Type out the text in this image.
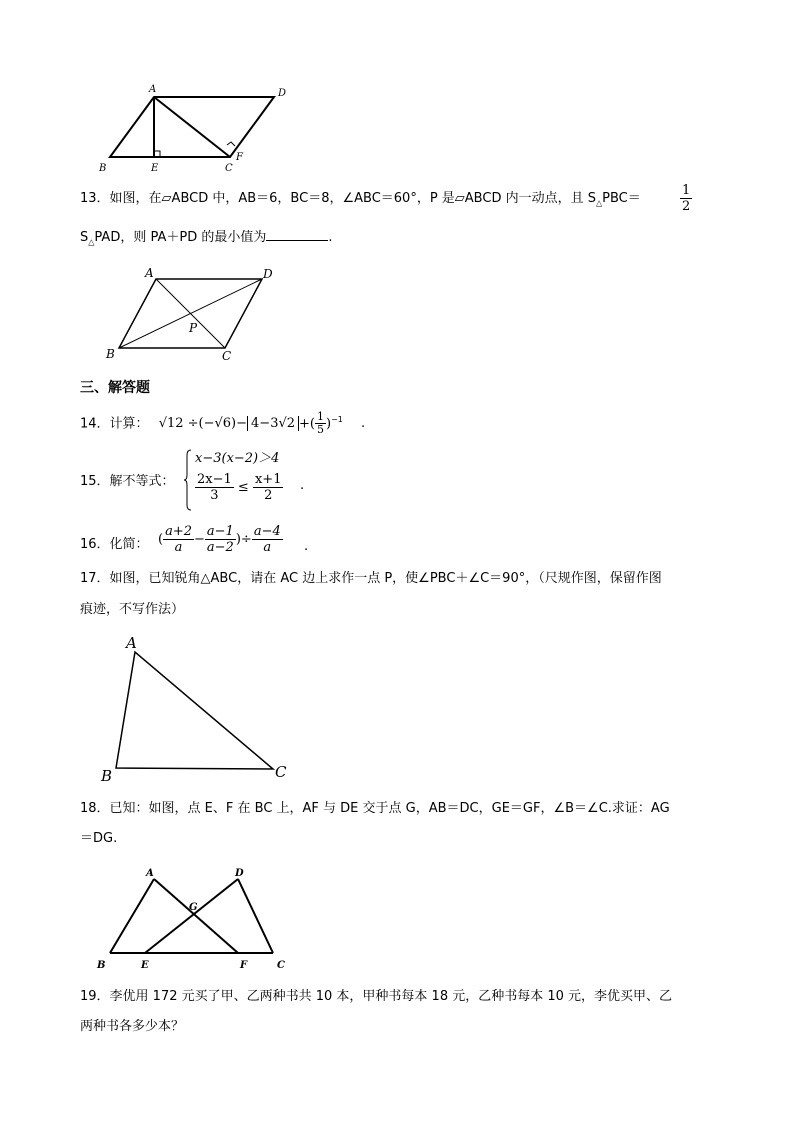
A	D
B	E	C
F
13．如图，在▱ABCD 中，AB＝6，BC＝8，∠ABC＝60°，P 是▱ABCD 内一动点，且 $S_\triangle PBC=$	$\frac{1}{2}$
$S_\triangle PAD$，则 PA＋PD 的最小值为	.
A	D
B	C
P
三、解答题
14．计算： √12 ÷(−√6)− 4−3√2 +( $\frac{1}{5} )^{-1}$ .
15．解不等式：
x−3(x−2)＞4
$\frac{2x-1}{3} \le \frac{x+1}{2}$ .
16．化简： ( $\frac{a+2}{a} - \frac{a-1}{a-2}$ )÷ $\frac{a-4}{a}$ .
17．如图，已知锐角△ABC，请在 AC 边上求作一点 P，使∠PBC＋∠C＝90°，（尺规作图，保留作图
痕迹，不写作法）
A
B	C
18．已知：如图，点 E、F 在 BC 上，AF 与 DE 交于点 G，AB＝DC，GE＝GF，∠B＝∠C.求证：AG
＝DG.
A	D
G
B	E	F	C
19．李优用 172 元买了甲、乙两种书共 10 本，甲种书每本 18 元，乙种书每本 10 元，李优买甲、乙
两种书各多少本？
